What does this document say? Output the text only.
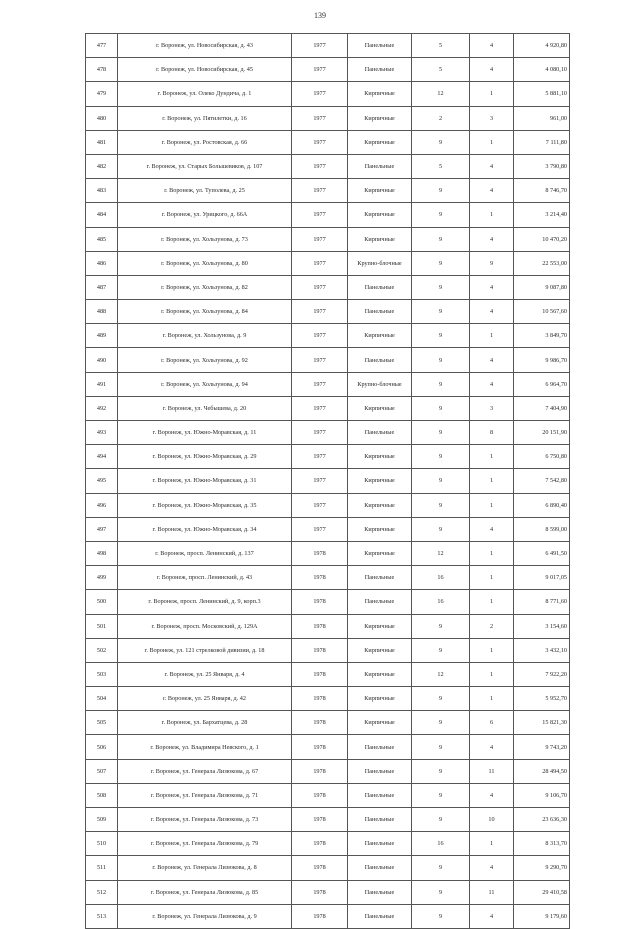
139
477	г. Воронеж, ул. Новосибирская, д. 43	1977	Панельные	5	4	4 920,80
478	г. Воронеж, ул. Новосибирская, д. 45	1977	Панельные	5	4	4 080,10
479	г. Воронеж, ул. Олеко Дундича, д. 1	1977	Кирпичные	12	1	5 881,10
480	г. Воронеж, ул. Пятилетки, д. 16	1977	Кирпичные	2	3	961,00
481	г. Воронеж, ул. Ростовская, д. 66	1977	Кирпичные	9	1	7 111,80
482	г. Воронеж, ул. Старых Большевиков, д. 107	1977	Панельные	5	4	3 790,80
483	г. Воронеж, ул. Туполева, д. 25	1977	Кирпичные	9	4	8 746,70
484	г. Воронеж, ул. Урицкого, д. 66А	1977	Кирпичные	9	1	3 214,40
485	г. Воронеж, ул. Хользунова, д. 73	1977	Кирпичные	9	4	10 470,20
486	г. Воронеж, ул. Хользунова, д. 80	1977	Крупно-блочные	9	9	22 553,00
487	г. Воронеж, ул. Хользунова, д. 82	1977	Панельные	9	4	9 087,80
488	г. Воронеж, ул. Хользунова, д. 84	1977	Панельные	9	4	10 567,60
489	г. Воронеж, ул. Хользунова, д. 9	1977	Кирпичные	9	1	3 849,70
490	г. Воронеж, ул. Хользунова, д. 92	1977	Панельные	9	4	9 986,70
491	г. Воронеж, ул. Хользунова, д. 94	1977	Крупно-блочные	9	4	6 964,70
492	г. Воронеж, ул. Чебышева, д. 20	1977	Кирпичные	9	3	7 404,90
493	г. Воронеж, ул. Южно-Моравская, д. 11	1977	Панельные	9	8	20 151,90
494	г. Воронеж, ул. Южно-Моравская, д. 29	1977	Кирпичные	9	1	6 750,80
495	г. Воронеж, ул. Южно-Моравская, д. 31	1977	Кирпичные	9	1	7 542,80
496	г. Воронеж, ул. Южно-Моравская, д. 35	1977	Кирпичные	9	1	6 890,40
497	г. Воронеж, ул. Южно-Моравская, д. 34	1977	Кирпичные	9	4	8 599,00
498	г. Воронеж, просп. Ленинский, д. 137	1978	Кирпичные	12	1	6 491,50
499	г. Воронеж, просп. Ленинский, д. 43	1978	Панельные	16	1	9 017,05
500	г. Воронеж, просп. Ленинский, д. 9, корп.3	1978	Панельные	16	1	8 771,60
501	г. Воронеж, просп. Московский, д. 129А	1978	Кирпичные	9	2	3 154,60
502	г. Воронеж, ул. 121 стрелковой дивизии, д. 18	1978	Кирпичные	9	1	3 432,10
503	г. Воронеж, ул. 25 Января, д. 4	1978	Кирпичные	12	1	7 922,20
504	г. Воронеж, ул. 25 Января, д. 42	1978	Кирпичные	9	1	5 952,70
505	г. Воронеж, ул. Бархатцева, д. 28	1978	Кирпичные	9	6	15 821,30
506	г. Воронеж, ул. Владимира Невского, д. 1	1978	Панельные	9	4	9 743,20
507	г. Воронеж, ул. Генерала Лизюкова, д. 67	1978	Панельные	9	11	28 494,50
508	г. Воронеж, ул. Генерала Лизюкова, д. 71	1978	Панельные	9	4	9 106,70
509	г. Воронеж, ул. Генерала Лизюкова, д. 73	1978	Панельные	9	10	23 636,30
510	г. Воронеж, ул. Генерала Лизюкова, д. 79	1978	Панельные	16	1	8 313,70
511	г. Воронеж, ул. Генерала Лизюкова, д. 8	1978	Панельные	9	4	9 290,70
512	г. Воронеж, ул. Генерала Лизюкова, д. 85	1978	Панельные	9	11	29 410,58
513	г. Воронеж, ул. Генерала Лизюкова, д. 9	1978	Панельные	9	4	9 179,60
